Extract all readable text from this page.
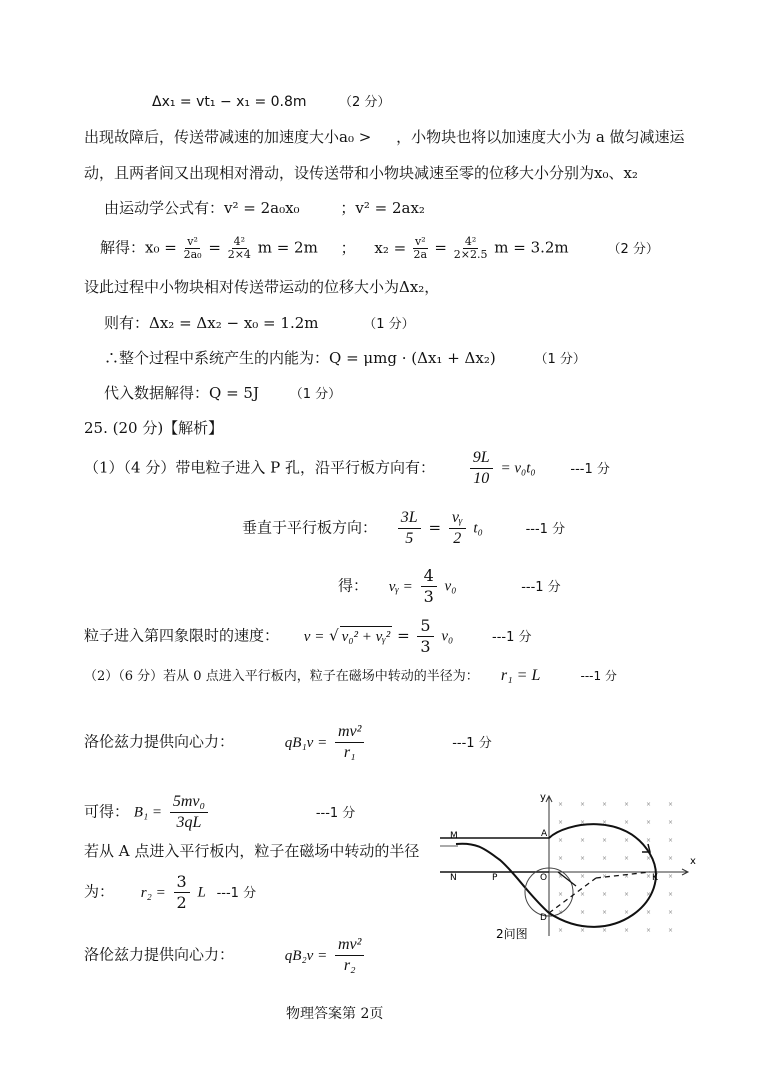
Δx₁ = vt₁ − x₁ = 0.8m （2 分）
出现故障后，传送带减速的加速度大小a₀ > ，小物块也将以加速度大小为 a 做匀减速运
动，且两者间又出现相对滑动，设传送带和小物块减速至零的位移大小分别为x₀、x₂
由运动学公式有：v² = 2a₀x₀	；v² = 2ax₂
解得：$x_0 = \frac{\text{v²}}{\text{2a₀}} = \frac{\text{4²}}{2\times 4}$ m = 2m ； $x_2 = \frac{\text{v²}}{2a} = \frac{\text{4²}}{2\times 2.5}$ m = 3.2m	（2 分）
设此过程中小物块相对传送带运动的位移大小为Δx₂，
则有：Δx₂ = Δx₂ − x₀ = 1.2m	（1 分）
∴整个过程中系统产生的内能为：Q = μmg · (Δx₁ + Δx₂)	（1 分）
代入数据解得：Q = 5J （1 分）
25. (20 分)【解析】
（1）（4 分）带电粒子进入 P 孔，沿平行板方向有： $\frac{9L}{10} = v_0t_0$	---1 分
垂直于平行板方向： $\frac{3L}{5} = \frac{\text{vᵧ}}{2} t_0$	---1 分
得： vᵧ = $\frac{4}{3} v_0$	---1 分
粒子进入第四象限时的速度： v = √ v₀² + vᵧ² = $\frac{5}{3} v_0$	---1 分
（2）（6 分）若从 0 点进入平行板内，粒子在磁场中转动的半径为： r₁ = L	---1 分
洛伦兹力提供向心力：	$qB_1v = \frac{\text{mv²}}{\text{r₁}}$	---1 分
可得： $B_1 = \frac{\text{5mv₀}}{3qL}$	---1 分
若从 A 点进入平行板内，粒子在磁场中转动的半径
为： $r_2 = \frac{3}{2}$ L ---1 分
洛伦兹力提供向心力：	$qB_2v = \frac{\text{mv²}}{\text{r₂}}$
×
×
×
×
×
×
×
×
×
×
×
×
×
×
×
×
×
×
×
×
×
×
×
×
×
×
×
×
×
×
×
×
×
×
×
×
×
×
×
×
×
×
×
×
×
×
×
×
y
x
M
N	P	O
A
D
K
2问图
物理答案第 2页
